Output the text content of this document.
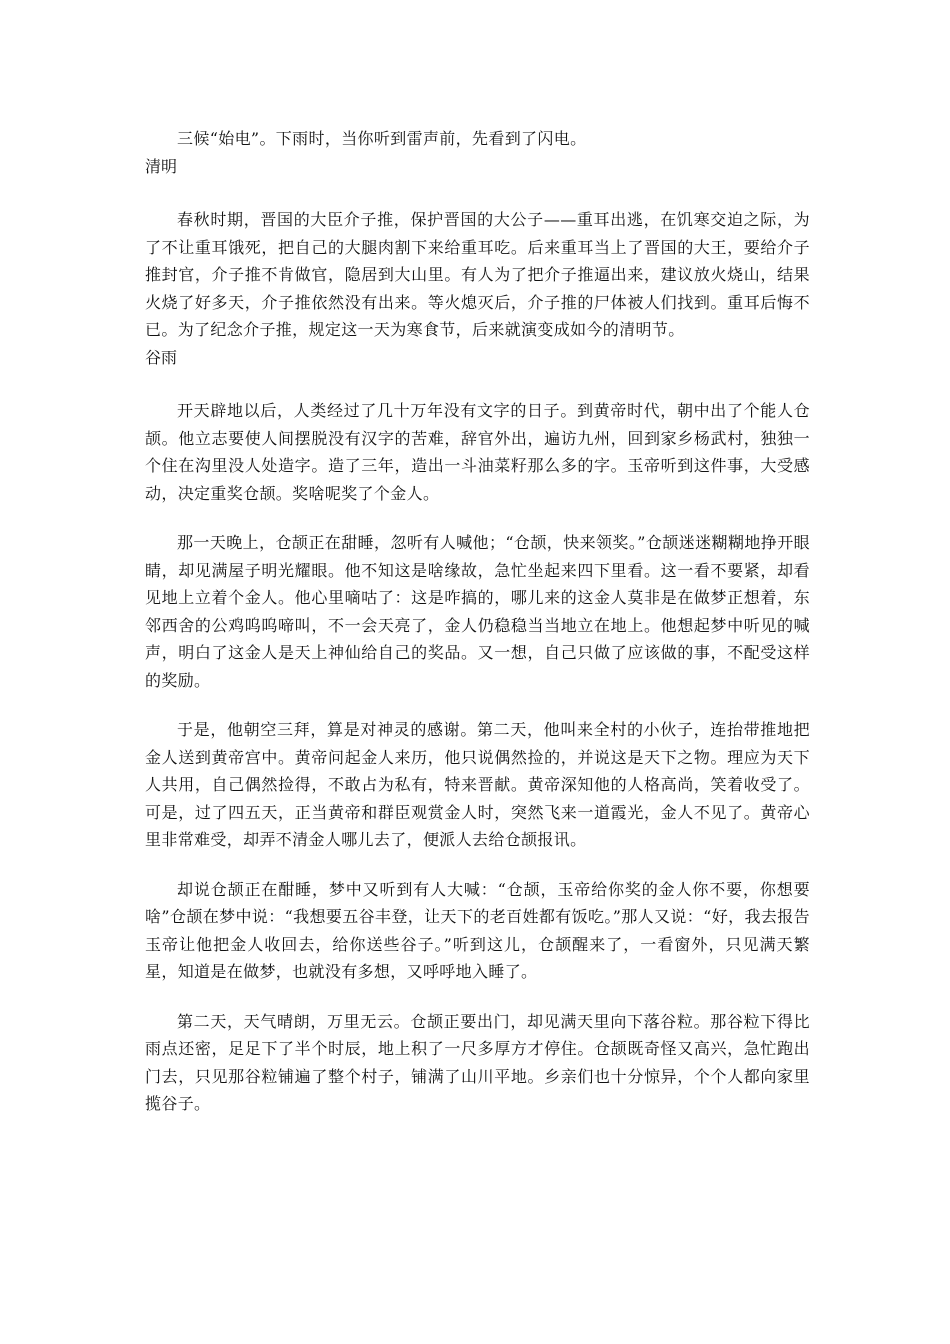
三候“始电”。下雨时，当你听到雷声前，先看到了闪电。

清明

春秋时期，晋国的大臣介子推，保护晋国的大公子——重耳出逃，在饥寒交迫之际，为了不让重耳饿死，把自己的大腿肉割下来给重耳吃。后来重耳当上了晋国的大王，要给介子推封官，介子推不肯做官，隐居到大山里。有人为了把介子推逼出来，建议放火烧山，结果火烧了好多天，介子推依然没有出来。等火熄灭后，介子推的尸体被人们找到。重耳后悔不已。为了纪念介子推，规定这一天为寒食节，后来就演变成如今的清明节。

谷雨

开天辟地以后，人类经过了几十万年没有文字的日子。到黄帝时代，朝中出了个能人仓颉。他立志要使人间摆脱没有汉字的苦难，辞官外出，遍访九州，回到家乡杨武村，独独一个住在沟里没人处造字。造了三年，造出一斗油菜籽那么多的字。玉帝听到这件事，大受感动，决定重奖仓颉。奖啥呢奖了个金人。

那一天晚上，仓颉正在甜睡，忽听有人喊他；“仓颉，快来领奖。”仓颉迷迷糊糊地挣开眼睛，却见满屋子明光耀眼。他不知这是啥缘故，急忙坐起来四下里看。这一看不要紧，却看见地上立着个金人。他心里嘀咕了：这是咋搞的，哪儿来的这金人莫非是在做梦正想着，东邻西舍的公鸡呜呜啼叫，不一会天亮了，金人仍稳稳当当地立在地上。他想起梦中听见的喊声，明白了这金人是天上神仙给自己的奖品。又一想，自己只做了应该做的事，不配受这样的奖励。

于是，他朝空三拜，算是对神灵的感谢。第二天，他叫来全村的小伙子，连抬带推地把金人送到黄帝宫中。黄帝问起金人来历，他只说偶然捡的，并说这是天下之物。理应为天下人共用，自己偶然捡得，不敢占为私有，特来晋献。黄帝深知他的人格高尚，笑着收受了。可是，过了四五天，正当黄帝和群臣观赏金人时，突然飞来一道霞光，金人不见了。黄帝心里非常难受，却弄不清金人哪儿去了，便派人去给仓颉报讯。

却说仓颉正在酣睡，梦中又听到有人大喊：“仓颉，玉帝给你奖的金人你不要，你想要啥”仓颉在梦中说：“我想要五谷丰登，让天下的老百姓都有饭吃。”那人又说：“好，我去报告玉帝让他把金人收回去，给你送些谷子。”听到这儿，仓颉醒来了，一看窗外，只见满天繁星，知道是在做梦，也就没有多想，又呼呼地入睡了。

第二天，天气晴朗，万里无云。仓颉正要出门，却见满天里向下落谷粒。那谷粒下得比雨点还密，足足下了半个时辰，地上积了一尺多厚方才停住。仓颉既奇怪又高兴，急忙跑出门去，只见那谷粒铺遍了整个村子，铺满了山川平地。乡亲们也十分惊异，个个人都向家里揽谷子。
